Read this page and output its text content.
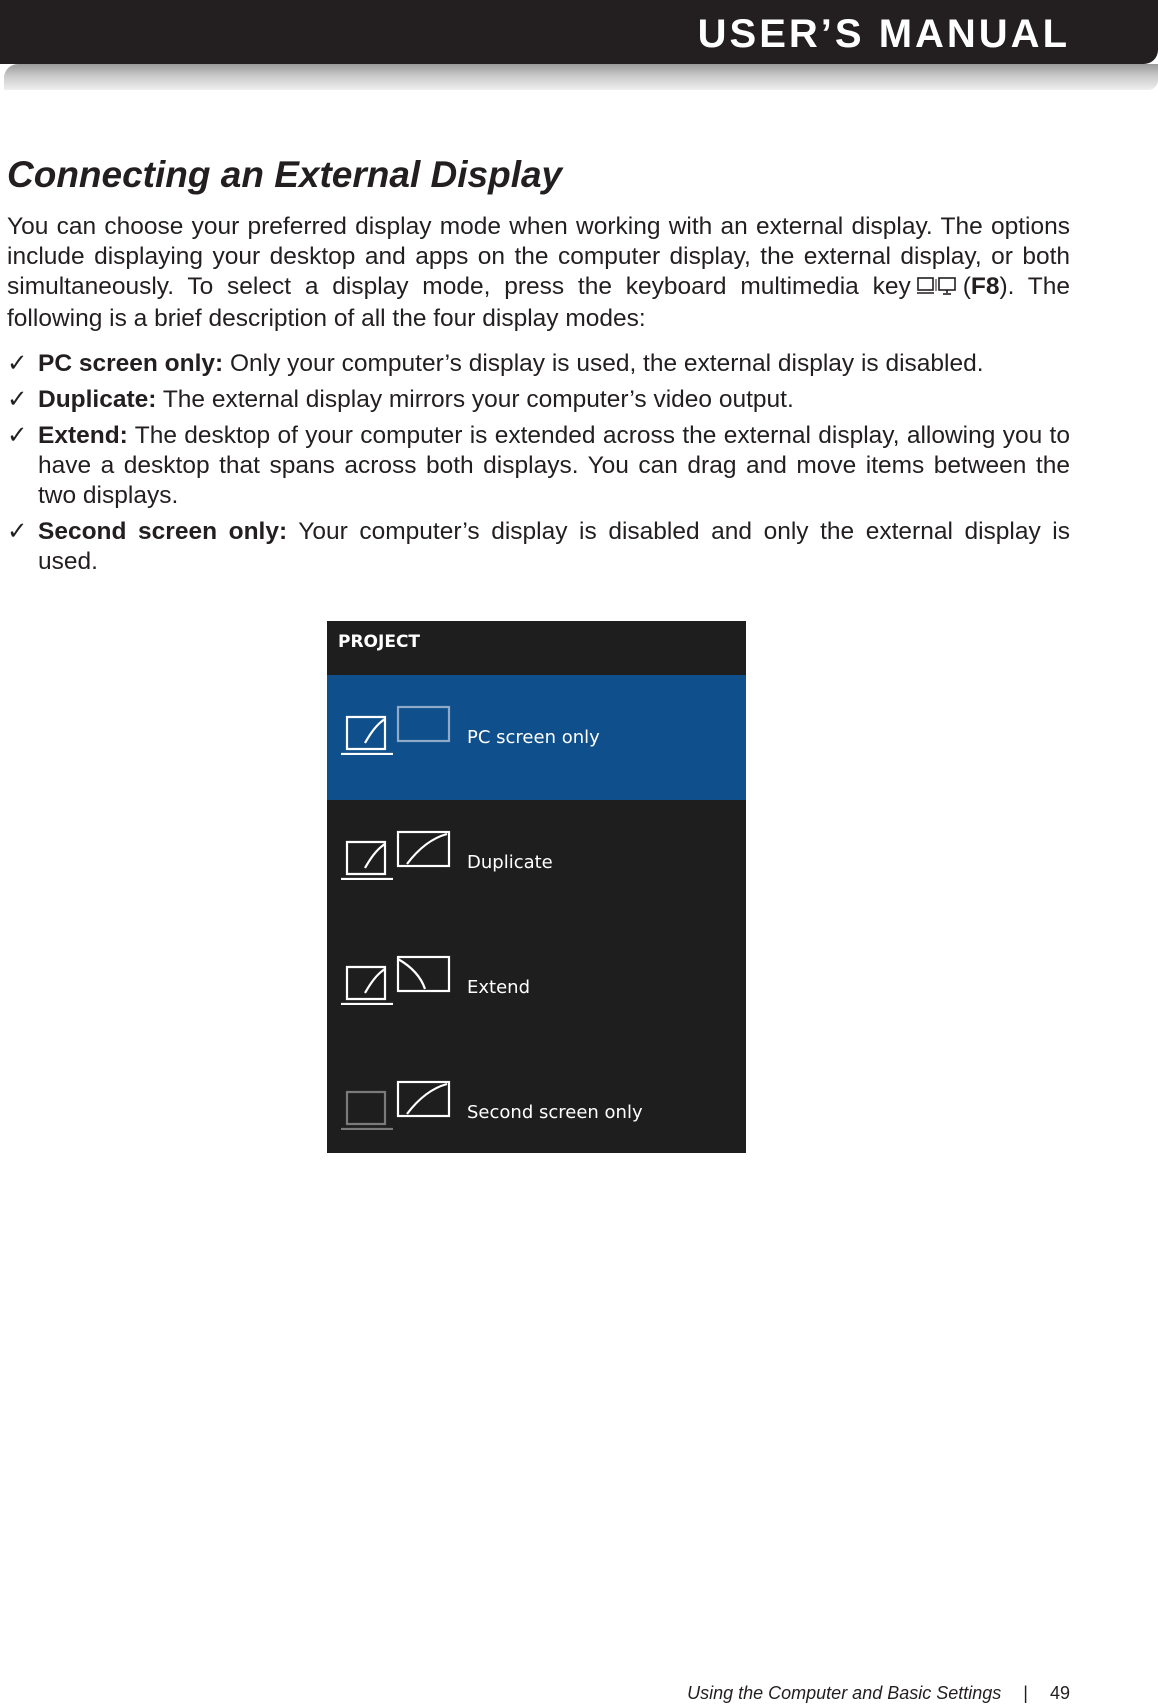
USER’S MANUAL
Connecting an External Display

You can choose your preferred display mode when working with an external display. The options include displaying your desktop and apps on the computer display, the external display, or both simultaneously. To select a display mode, press the keyboard multimedia key (F8). The following is a brief description of all the four display modes:

✓ PC screen only: Only your computer’s display is used, the external display is disabled.
✓ Duplicate: The external display mirrors your computer’s video output.
✓ Extend: The desktop of your computer is extended across the external display, allowing you to have a desktop that spans across both displays. You can drag and move items between the two displays.
✓ Second screen only: Your computer’s display is disabled and only the external display is used.
PROJECT
PC screen only
Duplicate
Extend
Second screen only
Using the Computer and Basic Settings | 49
